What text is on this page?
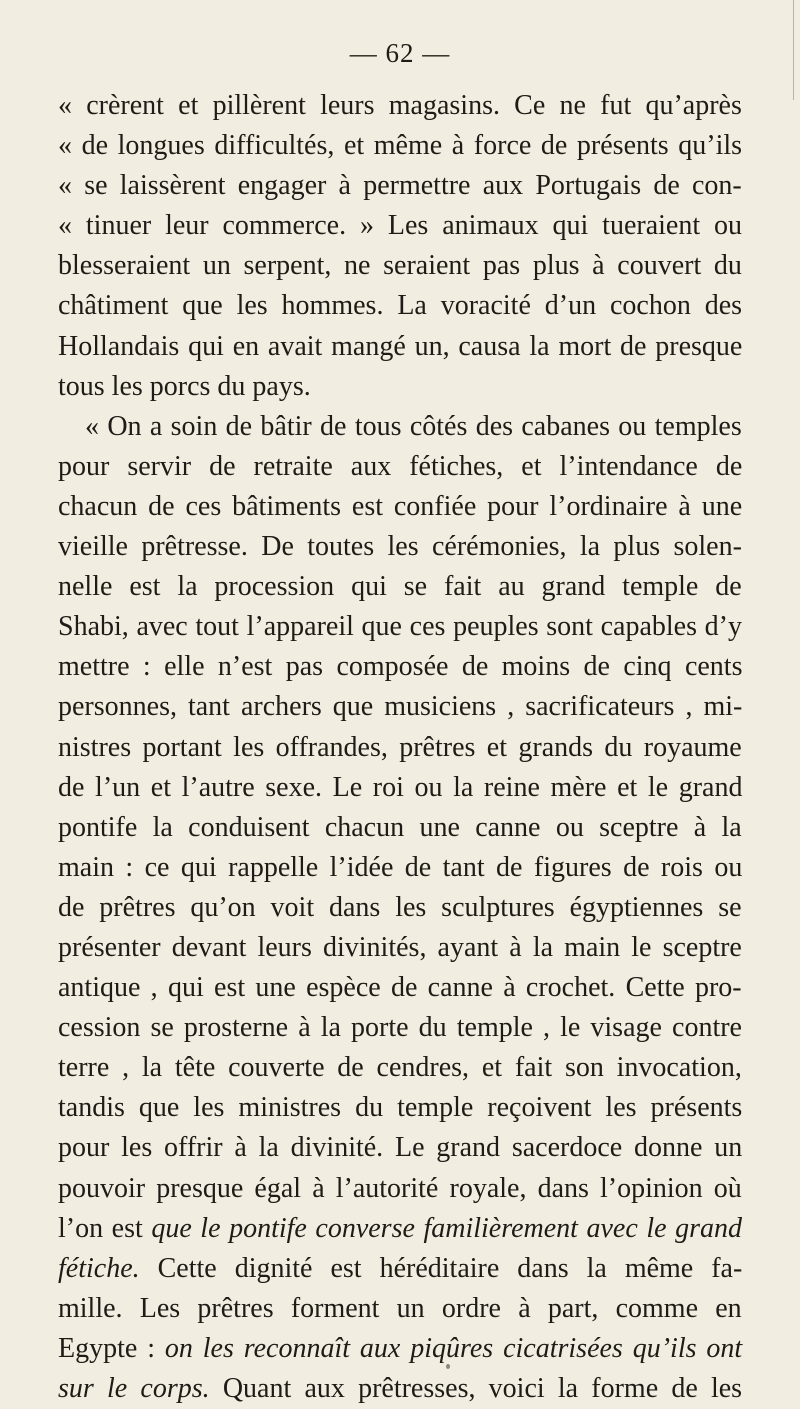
— 62 —
« crèrent et pillèrent leurs magasins. Ce ne fut qu’après
« de longues difficultés, et même à force de présents qu’ils
« se laissèrent engager à permettre aux Portugais de con-
« tinuer leur commerce. » Les animaux qui tueraient ou
blesseraient un serpent, ne seraient pas plus à couvert du
châtiment que les hommes. La voracité d’un cochon des
Hollandais qui en avait mangé un, causa la mort de presque
tous les porcs du pays.
« On a soin de bâtir de tous côtés des cabanes ou temples
pour servir de retraite aux fétiches, et l’intendance de
chacun de ces bâtiments est confiée pour l’ordinaire à une
vieille prêtresse. De toutes les cérémonies, la plus solen-
nelle est la procession qui se fait au grand temple de
Shabi, avec tout l’appareil que ces peuples sont capables d’y
mettre : elle n’est pas composée de moins de cinq cents
personnes, tant archers que musiciens , sacrificateurs , mi-
nistres portant les offrandes, prêtres et grands du royaume
de l’un et l’autre sexe. Le roi ou la reine mère et le grand
pontife la conduisent chacun une canne ou sceptre à la
main : ce qui rappelle l’idée de tant de figures de rois ou
de prêtres qu’on voit dans les sculptures égyptiennes se
présenter devant leurs divinités, ayant à la main le sceptre
antique , qui est une espèce de canne à crochet. Cette pro-
cession se prosterne à la porte du temple , le visage contre
terre , la tête couverte de cendres, et fait son invocation,
tandis que les ministres du temple reçoivent les présents
pour les offrir à la divinité. Le grand sacerdoce donne un
pouvoir presque égal à l’autorité royale, dans l’opinion où
l’on est que le pontife converse familièrement avec le grand
fétiche. Cette dignité est héréditaire dans la même fa-
mille. Les prêtres forment un ordre à part, comme en
Egypte : on les reconnaît aux piqûres cicatrisées qu’ils ont
sur le corps. Quant aux prêtresses, voici la forme de les
